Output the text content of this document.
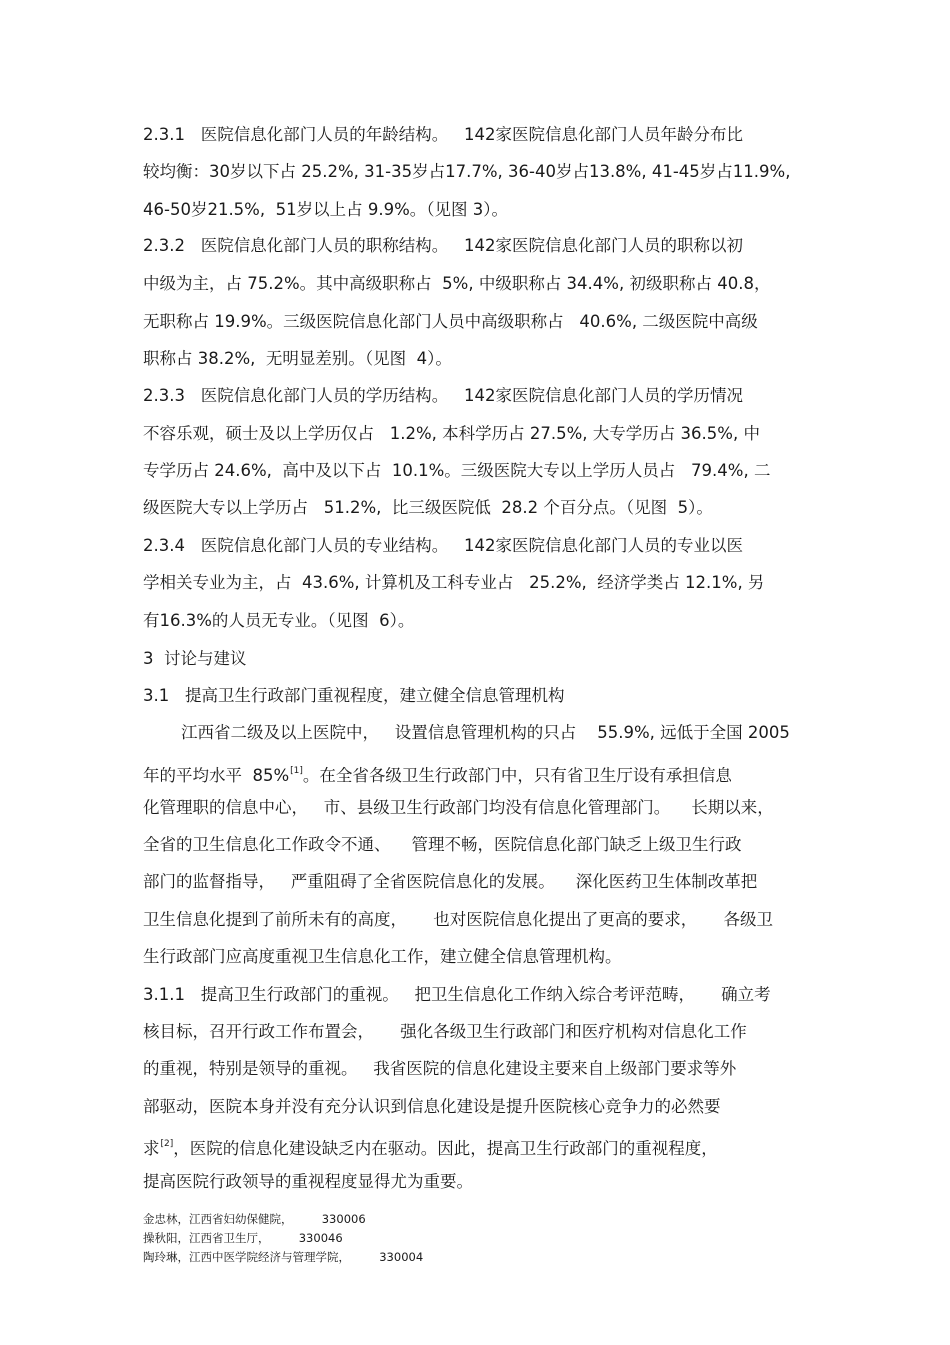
2.3.1   医院信息化部门人员的年龄结构。   142家医院信息化部门人员年龄分布比
较均衡：30岁以下占 25.2%, 31-35岁占17.7%, 36-40岁占13.8%, 41-45岁占11.9%,
46-50岁21.5%,  51岁以上占 9.9%。（见图 3）。
2.3.2   医院信息化部门人员的职称结构。   142家医院信息化部门人员的职称以初
中级为主，占 75.2%。其中高级职称占  5%, 中级职称占 34.4%, 初级职称占 40.8，
无职称占 19.9%。三级医院信息化部门人员中高级职称占   40.6%, 二级医院中高级
职称占 38.2%,  无明显差别。（见图  4）。
2.3.3   医院信息化部门人员的学历结构。   142家医院信息化部门人员的学历情况
不容乐观，硕士及以上学历仅占   1.2%, 本科学历占 27.5%, 大专学历占 36.5%, 中
专学历占 24.6%,  高中及以下占  10.1%。三级医院大专以上学历人员占   79.4%, 二
级医院大专以上学历占   51.2%,  比三级医院低  28.2 个百分点。（见图  5）。
2.3.4   医院信息化部门人员的专业结构。   142家医院信息化部门人员的专业以医
学相关专业为主，占  43.6%, 计算机及工科专业占   25.2%,  经济学类占 12.1%, 另
有16.3%的人员无专业。（见图  6）。
3  讨论与建议
3.1   提高卫生行政部门重视程度，建立健全信息管理机构
江西省二级及以上医院中，   设置信息管理机构的只占    55.9%, 远低于全国 2005
年的平均水平  85%[1]。在全省各级卫生行政部门中，只有省卫生厅设有承担信息
化管理职的信息中心，   市、县级卫生行政部门均没有信息化管理部门。    长期以来，
全省的卫生信息化工作政令不通、    管理不畅，医院信息化部门缺乏上级卫生行政
部门的监督指导，   严重阻碍了全省医院信息化的发展。    深化医药卫生体制改革把
卫生信息化提到了前所未有的高度，     也对医院信息化提出了更高的要求，     各级卫
生行政部门应高度重视卫生信息化工作，建立健全信息管理机构。
3.1.1   提高卫生行政部门的重视。   把卫生信息化工作纳入综合考评范畴，     确立考
核目标，召开行政工作布置会，     强化各级卫生行政部门和医疗机构对信息化工作
的重视，特别是领导的重视。   我省医院的信息化建设主要来自上级部门要求等外
部驱动，医院本身并没有充分认识到信息化建设是提升医院核心竞争力的必然要
求[2]，医院的信息化建设缺乏内在驱动。因此，提高卫生行政部门的重视程度，
提高医院行政领导的重视程度显得尤为重要。
金忠林，江西省妇幼保健院，        330006
操秋阳，江西省卫生厅，        330046
陶玲琳，江西中医学院经济与管理学院，        330004
